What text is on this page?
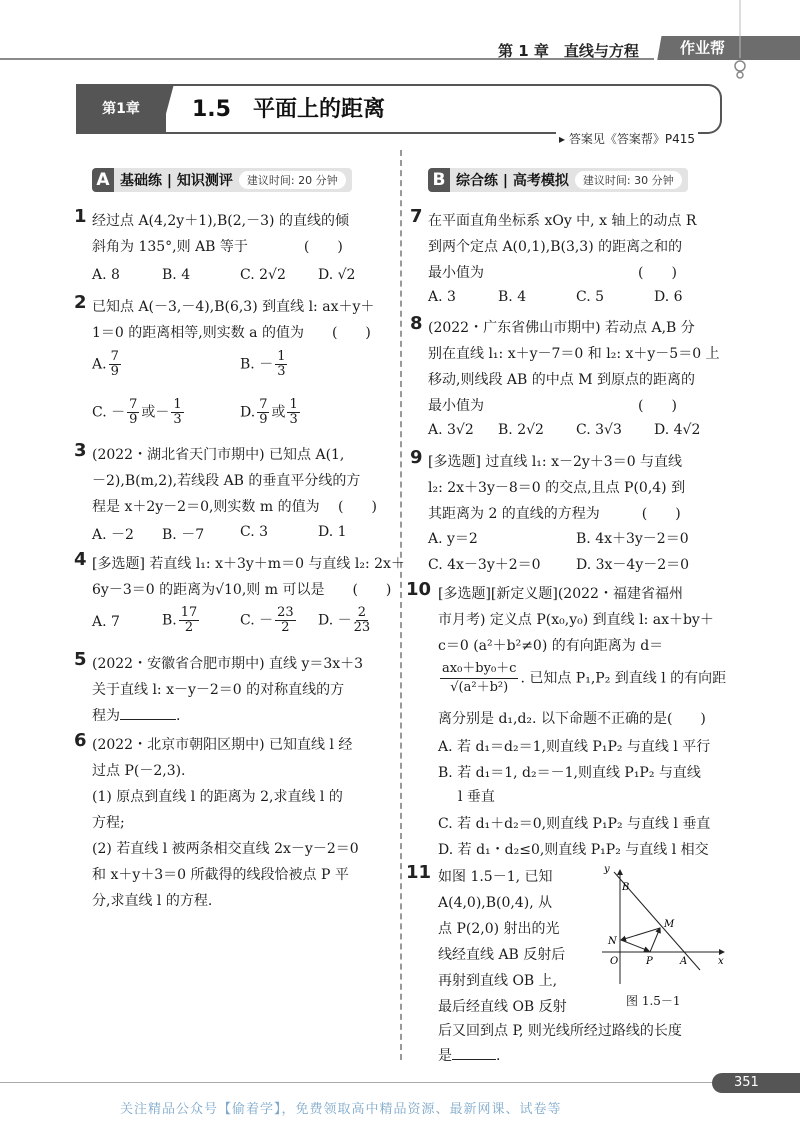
第 1 章　直线与方程	作业帮
第1章	1.5　平面上的距离
▸ 答案见《答案帮》P415
A 基础练 | 知识测评	建议时间: 20 分钟	B 综合练 | 高考模拟	建议时间: 30 分钟
1 经过点 A(4,2y＋1),B(2,－3) 的直线的倾
斜角为 135°,则 AB 等于　　　　(　　)
A. 8	B. 4	C. 2√2 D. √2
2 已知点 A(－3,－4),B(6,3) 到直线 l: ax＋y＋
1＝0 的距离相等,则实数 a 的值为　　(　　)
A. $\frac{7}{9}$	B. － $\frac{1}{3}$
C. － $\frac{7}{9}$ 或－ $\frac{1}{3}$	D. $\frac{7}{9}$ 或 $\frac{1}{3}$
3 (2022・湖北省天门市期中) 已知点 A(1,
－2),B(m,2),若线段 AB 的垂直平分线的方
程是 x＋2y－2＝0,则实数 m 的值为　 (　　)
A. －2 B. －7	C. 3	D. 1
4 [多选题] 若直线 l₁: x＋3y＋m＝0 与直线 l₂: 2x＋
6y－3＝0 的距离为√10,则 m 可以是　　(　　)
A. 7	B. $\frac{17}{2}$	C. － $\frac{23}{2} D$. － $\frac{2}{23}$
5 (2022・安徽省合肥市期中) 直线 y＝3x＋3
关于直线 l: x－y－2＝0 的对称直线的方
程为	.
6 (2022・北京市朝阳区期中) 已知直线 l 经
过点 P(－2,3).
(1) 原点到直线 l 的距离为 2,求直线 l 的
方程;
(2) 若直线 l 被两条相交直线 2x－y－2＝0
和 x＋y＋3＝0 所截得的线段恰被点 P 平
分,求直线 l 的方程.
7 在平面直角坐标系 xOy 中, x 轴上的动点 R
到两个定点 A(0,1),B(3,3) 的距离之和的
最小值为　　　　　　　　　　　(　　)
A. 3	B. 4	C. 5	D. 6
8 (2022・广东省佛山市期中) 若动点 A,B 分
别在直线 l₁: x＋y－7＝0 和 l₂: x＋y－5＝0 上
移动,则线段 AB 的中点 M 到原点的距离的
最小值为　　　　　　　　　　　(　　)
A. 3√2 B. 2√2 C. 3√3 D. 4√2
9 [多选题] 过直线 l₁: x－2y＋3＝0 与直线
l₂: 2x＋3y－8＝0 的交点,且点 P(0,4) 到
其距离为 2 的直线的方程为　　　(　　)
A. y＝2	B. 4x＋3y－2＝0
C. 4x－3y＋2＝0	D. 3x－4y－2＝0
10 [多选题][新定义题](2022・福建省福州
市月考) 定义点 P(x₀,y₀) 到直线 l: ax＋by＋
c＝0 (a²＋b²≠0) 的有向距离为 d＝
$\frac{\text{ax₀＋by₀＋c}}{\text{√(a²＋b²)}}$ . 已知点 P₁,P₂ 到直线 l 的有向距
离分别是 d₁,d₂. 以下命题不正确的是(　　)
A. 若 d₁＝d₂＝1,则直线 P₁P₂ 与直线 l 平行
B. 若 d₁＝1, d₂＝－1,则直线 P₁P₂ 与直线
l 垂直
C. 若 d₁＋d₂＝0,则直线 P₁P₂ 与直线 l 垂直
D. 若 d₁・d₂≤0,则直线 P₁P₂ 与直线 l 相交
11 如图 1.5－1, 已知
A(4,0),B(0,4), 从
点 P(2,0) 射出的光
线经直线 AB 反射后
再射到直线 OB 上,
最后经直线 OB 反射
后又回到点 P, 则光线所经过路线的长度
是	.
y
x
B
M
N
O	P	A
图 1.5－1
351
关注精品公众号【偷着学】，免费领取高中精品资源、最新网课、试卷等
